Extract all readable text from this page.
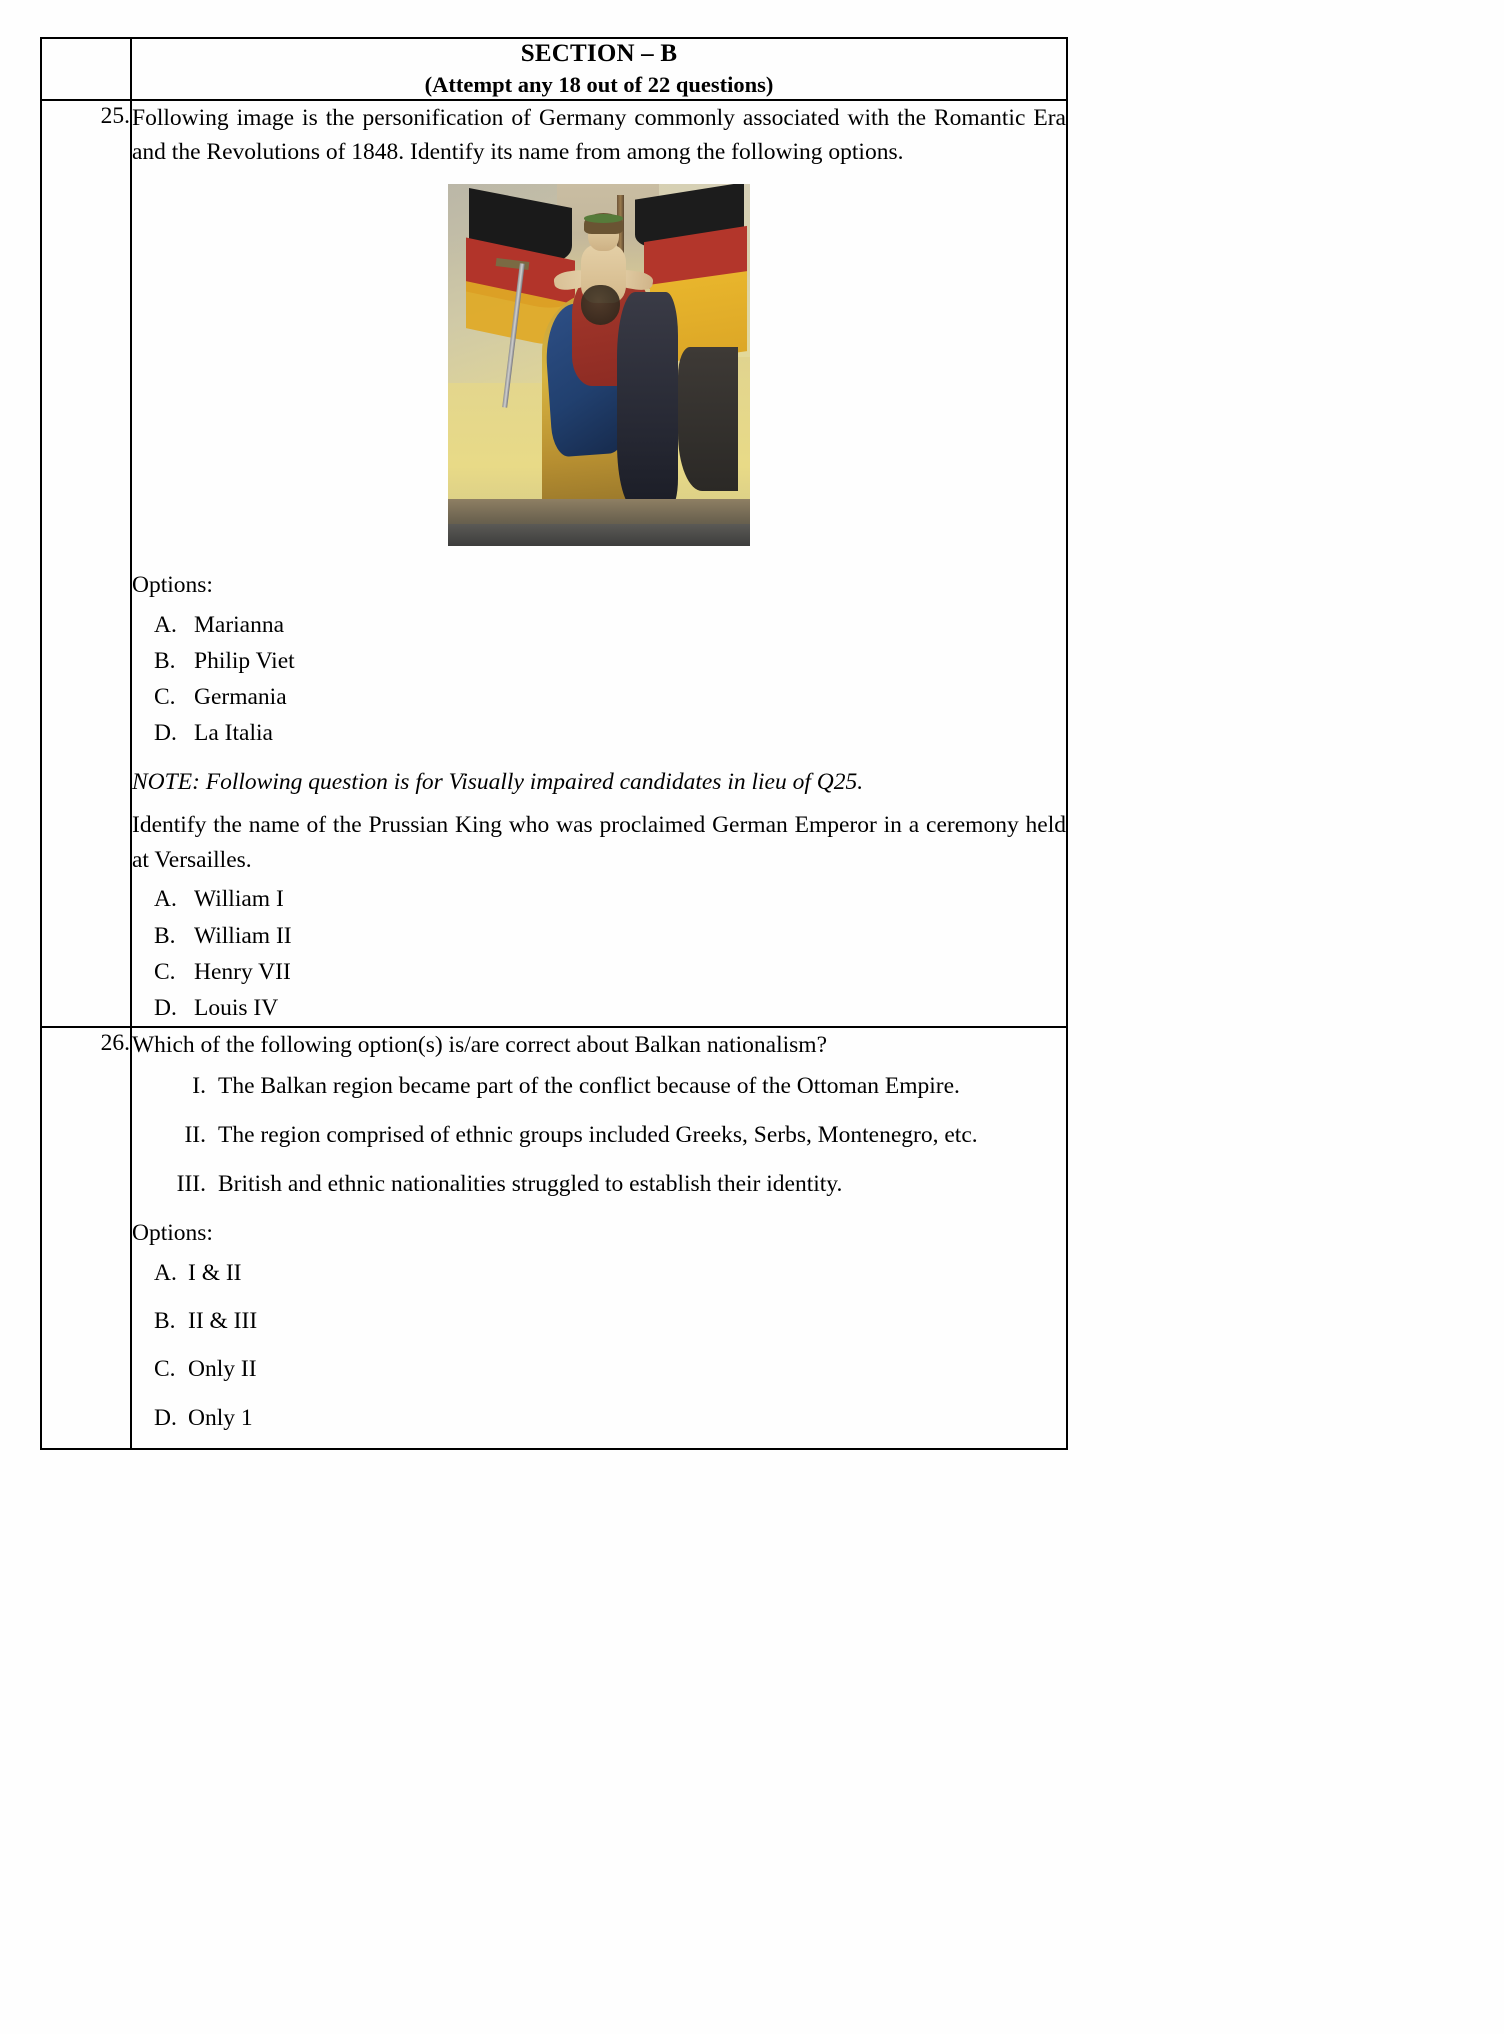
	SECTION – B
(Attempt any 18 out of 22 questions)

25.	Following image is the personification of Germany commonly associated with the Romantic Era and the Revolutions of 1848. Identify its name from among the following options.

Options:
A. Marianna
B. Philip Viet
C. Germania
D. La Italia

NOTE: Following question is for Visually impaired candidates in lieu of Q25.

Identify the name of the Prussian King who was proclaimed German Emperor in a ceremony held at Versailles.

A. William I
B. William II
C. Henry VII
D. Louis IV

26.	Which of the following option(s) is/are correct about Balkan nationalism?

I. The Balkan region became part of the conflict because of the Ottoman Empire.
II. The region comprised of ethnic groups included Greeks, Serbs, Montenegro, etc.
III. British and ethnic nationalities struggled to establish their identity.
Options:
A. I & II
B. II & III
C. Only II
D. Only 1
